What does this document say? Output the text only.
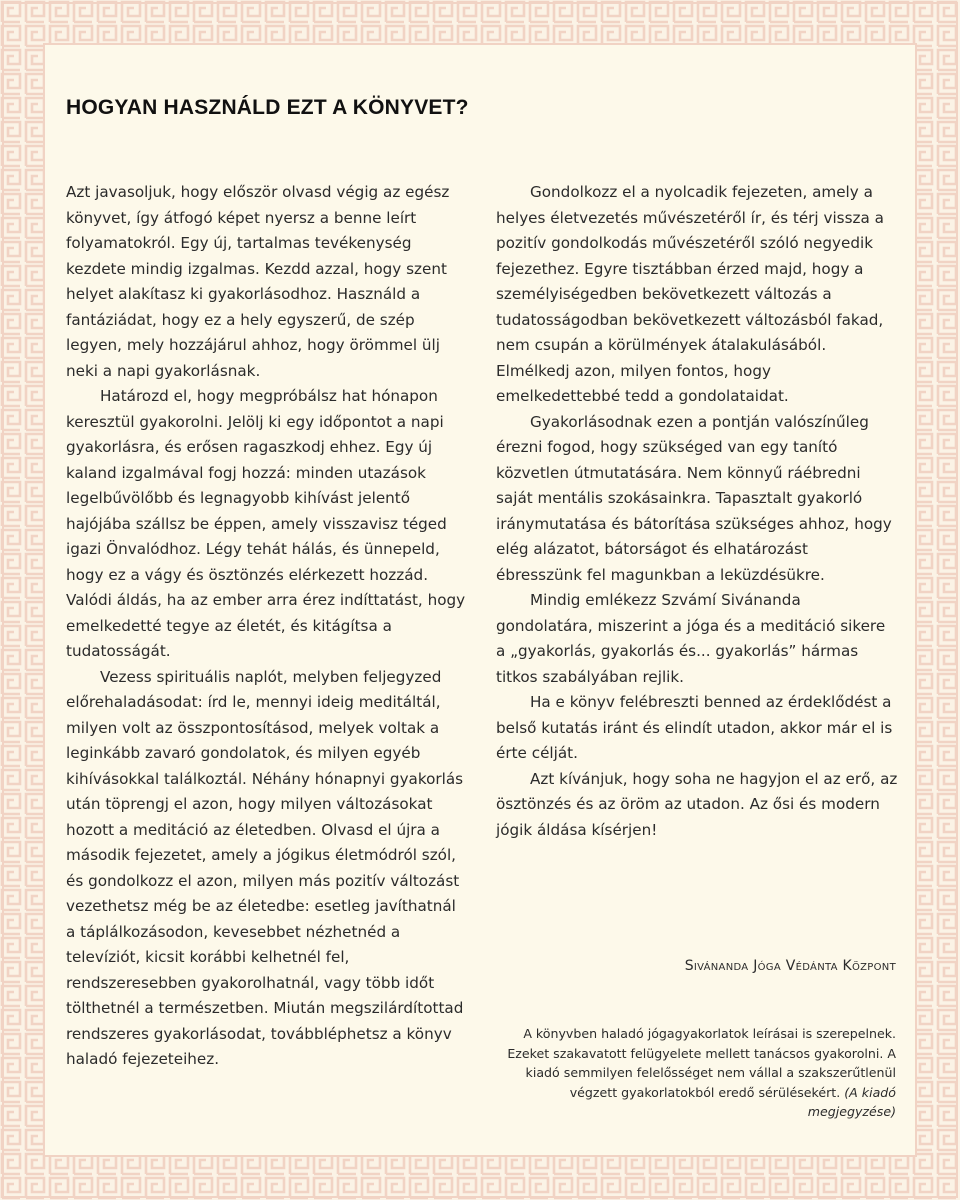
HOGYAN HASZNÁLD EZT A KÖNYVET?

Azt javasoljuk, hogy először olvasd végig az egész könyvet, így átfogó képet nyersz a benne leírt folyamatokról. Egy új, tartalmas tevékenység kezdete mindig izgalmas. Kezdd azzal, hogy szent helyet alakítasz ki gyakorlásodhoz. Használd a fantáziádat, hogy ez a hely egyszerű, de szép legyen, mely hozzájárul ahhoz, hogy örömmel ülj neki a napi gyakorlásnak.

Határozd el, hogy megpróbálsz hat hónapon keresztül gyakorolni. Jelölj ki egy időpontot a napi gyakorlásra, és erősen ragaszkodj ehhez. Egy új kaland izgalmával fogj hozzá: minden utazások legelbűvölőbb és legnagyobb kihívást jelentő hajójába szállsz be éppen, amely visszavisz téged igazi Önvalódhoz. Légy tehát hálás, és ünnepeld, hogy ez a vágy és ösztönzés elérkezett hozzád. Valódi áldás, ha az ember arra érez indíttatást, hogy emelkedetté tegye az életét, és kitágítsa a tudatosságát.

Vezess spirituális naplót, melyben feljegyzed előrehaladásodat: írd le, mennyi ideig meditáltál, milyen volt az összpontosításod, melyek voltak a leginkább zavaró gondolatok, és milyen egyéb kihívásokkal találkoztál. Néhány hónapnyi gyakorlás után töprengj el azon, hogy milyen változásokat hozott a meditáció az életedben. Olvasd el újra a második fejezetet, amely a jógikus életmódról szól, és gondolkozz el azon, milyen más pozitív változást vezethetsz még be az életedbe: esetleg javíthatnál a táplálkozásodon, kevesebbet nézhetnéd a televíziót, kicsit korábbi kelhetnél fel, rendszeresebben gyakorolhatnál, vagy több időt tölthetnél a természetben. Miután megszilárdítottad rendszeres gyakorlásodat, továbbléphetsz a könyv haladó fejezeteihez.

Gondolkozz el a nyolcadik fejezeten, amely a helyes életvezetés művészetéről ír, és térj vissza a pozitív gondolkodás művészetéről szóló negyedik fejezethez. Egyre tisztábban érzed majd, hogy a személyiségedben bekövetkezett változás a tudatosságodban bekövetkezett változásból fakad, nem csupán a körülmények átalakulásából. Elmélkedj azon, milyen fontos, hogy emelkedettebbé tedd a gondolataidat.

Gyakorlásodnak ezen a pontján valószínűleg érezni fogod, hogy szükséged van egy tanító közvetlen útmutatására. Nem könnyű ráébredni saját mentális szokásainkra. Tapasztalt gyakorló iránymutatása és bátorítása szükséges ahhoz, hogy elég alázatot, bátorságot és elhatározást ébresszünk fel magunkban a leküzdésükre.

Mindig emlékezz Szvámí Sivánanda gondolatára, miszerint a jóga és a meditáció sikere a „gyakorlás, gyakorlás és... gyakorlás” hármas titkos szabályában rejlik.

Ha e könyv felébreszti benned az érdeklődést a belső kutatás iránt és elindít utadon, akkor már el is érte célját.

Azt kívánjuk, hogy soha ne hagyjon el az erő, az ösztönzés és az öröm az utadon. Az ősi és modern jógik áldása kísérjen!

Sivánanda Jóga Védánta Központ
A könyvben haladó jógagyakorlatok leírásai is szerepelnek. Ezeket szakavatott felügyelete mellett tanácsos gyakorolni. A kiadó semmilyen felelősséget nem vállal a szakszerűtlenül végzett gyakorlatokból eredő sérülésekért. (A kiadó megjegyzése)
